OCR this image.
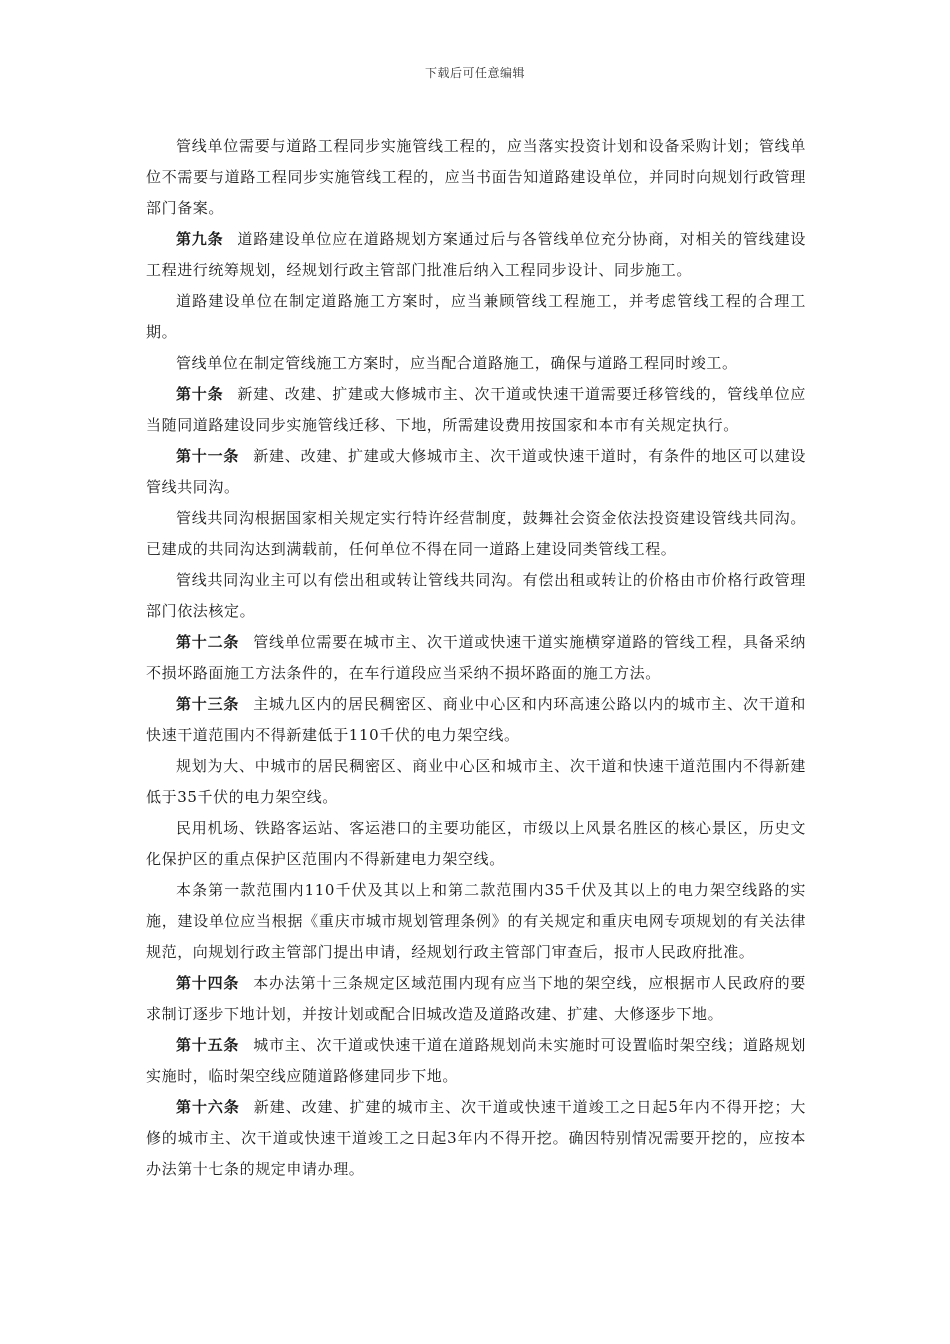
下载后可任意编辑

管线单位需要与道路工程同步实施管线工程的，应当落实投资计划和设备采购计划；管线单位不需要与道路工程同步实施管线工程的，应当书面告知道路建设单位，并同时向规划行政管理部门备案。

第九条 道路建设单位应在道路规划方案通过后与各管线单位充分协商，对相关的管线建设工程进行统筹规划，经规划行政主管部门批准后纳入工程同步设计、同步施工。

道路建设单位在制定道路施工方案时，应当兼顾管线工程施工，并考虑管线工程的合理工期。

管线单位在制定管线施工方案时，应当配合道路施工，确保与道路工程同时竣工。

第十条 新建、改建、扩建或大修城市主、次干道或快速干道需要迁移管线的，管线单位应当随同道路建设同步实施管线迁移、下地，所需建设费用按国家和本市有关规定执行。

第十一条 新建、改建、扩建或大修城市主、次干道或快速干道时，有条件的地区可以建设管线共同沟。

管线共同沟根据国家相关规定实行特许经营制度，鼓舞社会资金依法投资建设管线共同沟。已建成的共同沟达到满载前，任何单位不得在同一道路上建设同类管线工程。

管线共同沟业主可以有偿出租或转让管线共同沟。有偿出租或转让的价格由市价格行政管理部门依法核定。

第十二条 管线单位需要在城市主、次干道或快速干道实施横穿道路的管线工程，具备采纳不损坏路面施工方法条件的，在车行道段应当采纳不损坏路面的施工方法。

第十三条 主城九区内的居民稠密区、商业中心区和内环高速公路以内的城市主、次干道和快速干道范围内不得新建低于110千伏的电力架空线。

规划为大、中城市的居民稠密区、商业中心区和城市主、次干道和快速干道范围内不得新建低于35千伏的电力架空线。

民用机场、铁路客运站、客运港口的主要功能区，市级以上风景名胜区的核心景区，历史文化保护区的重点保护区范围内不得新建电力架空线。

本条第一款范围内110千伏及其以上和第二款范围内35千伏及其以上的电力架空线路的实施，建设单位应当根据《重庆市城市规划管理条例》的有关规定和重庆电网专项规划的有关法律规范，向规划行政主管部门提出申请，经规划行政主管部门审查后，报市人民政府批准。

第十四条 本办法第十三条规定区域范围内现有应当下地的架空线，应根据市人民政府的要求制订逐步下地计划，并按计划或配合旧城改造及道路改建、扩建、大修逐步下地。

第十五条 城市主、次干道或快速干道在道路规划尚未实施时可设置临时架空线；道路规划实施时，临时架空线应随道路修建同步下地。

第十六条 新建、改建、扩建的城市主、次干道或快速干道竣工之日起5年内不得开挖；大修的城市主、次干道或快速干道竣工之日起3年内不得开挖。确因特别情况需要开挖的，应按本办法第十七条的规定申请办理。
